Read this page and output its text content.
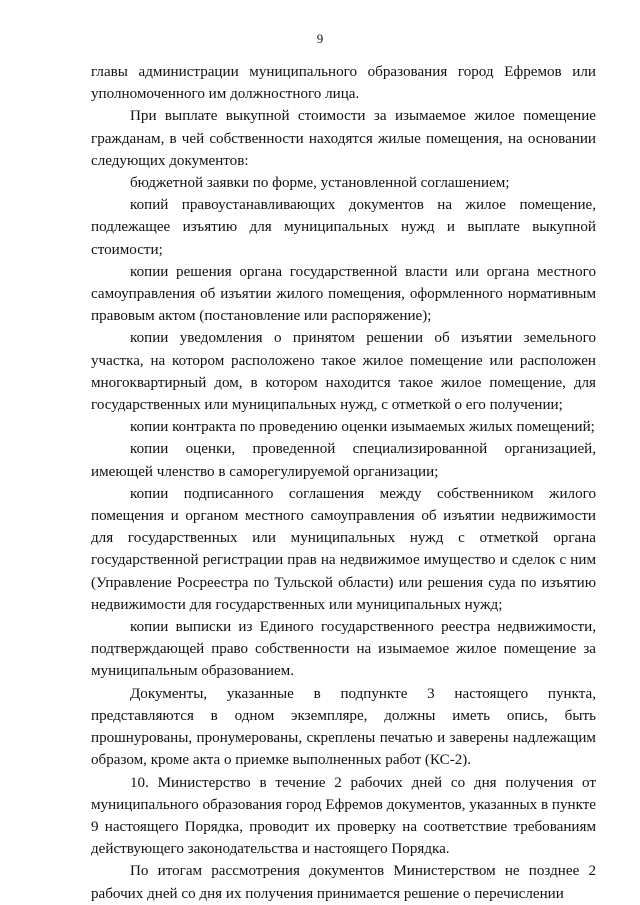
9

главы администрации муниципального образования город Ефремов или уполномоченного им должностного лица.

При выплате выкупной стоимости за изымаемое жилое помещение гражданам, в чей собственности находятся жилые помещения, на основании следующих документов:

бюджетной заявки по форме, установленной соглашением;

копий правоустанавливающих документов на жилое помещение, подлежащее изъятию для муниципальных нужд и выплате выкупной стоимости;

копии решения органа государственной власти или органа местного самоуправления об изъятии жилого помещения, оформленного нормативным правовым актом (постановление или распоряжение);

копии уведомления о принятом решении об изъятии земельного участка, на котором расположено такое жилое помещение или расположен многоквартирный дом, в котором находится такое жилое помещение, для государственных или муниципальных нужд, с отметкой о его получении;

копии контракта по проведению оценки изымаемых жилых помещений;

копии оценки, проведенной специализированной организацией, имеющей членство в саморегулируемой организации;

копии подписанного соглашения между собственником жилого помещения и органом местного самоуправления об изъятии недвижимости для государственных или муниципальных нужд с отметкой органа государственной регистрации прав на недвижимое имущество и сделок с ним (Управление Росреестра по Тульской области) или решения суда по изъятию недвижимости для государственных или муниципальных нужд;

копии выписки из Единого государственного реестра недвижимости, подтверждающей право собственности на изымаемое жилое помещение за муниципальным образованием.

Документы, указанные в подпункте 3 настоящего пункта, представляются в одном экземпляре, должны иметь опись, быть прошнурованы, пронумерованы, скреплены печатью и заверены надлежащим образом, кроме акта о приемке выполненных работ (КС-2).

10. Министерство в течение 2 рабочих дней со дня получения от муниципального образования город Ефремов документов, указанных в пункте 9 настоящего Порядка, проводит их проверку на соответствие требованиям действующего законодательства и настоящего Порядка.

По итогам рассмотрения документов Министерством не позднее 2 рабочих дней со дня их получения принимается решение о перечислении
